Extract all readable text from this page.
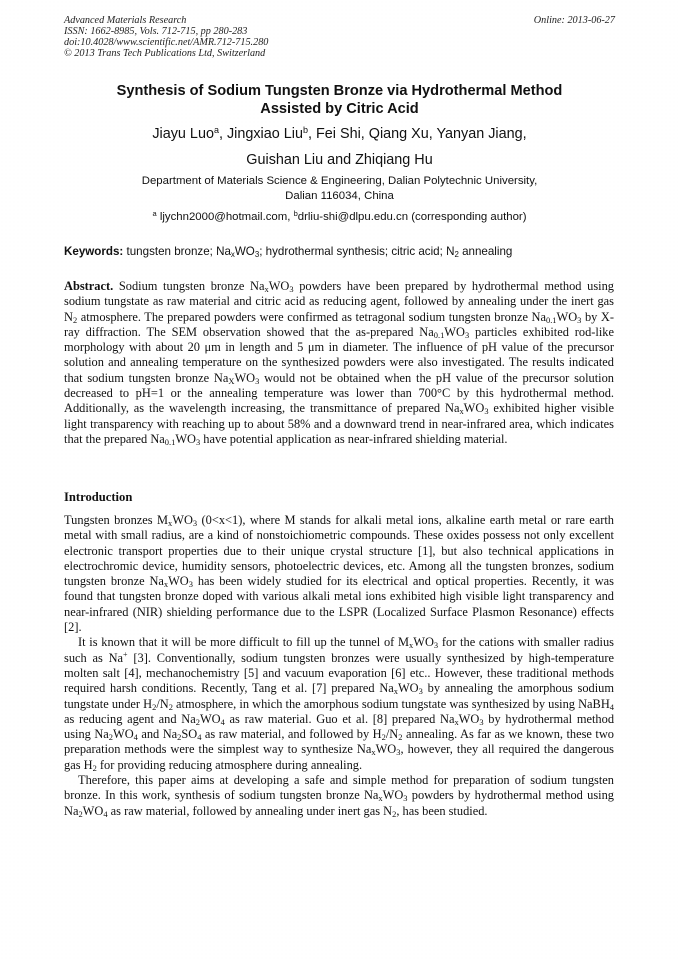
Advanced Materials Research
ISSN: 1662-8985, Vols. 712-715, pp 280-283
doi:10.4028/www.scientific.net/AMR.712-715.280
© 2013 Trans Tech Publications Ltd, Switzerland
Online: 2013-06-27
Synthesis of Sodium Tungsten Bronze via Hydrothermal Method
Assisted by Citric Acid
Jiayu Luo$^a$, Jingxiao Liu$^b$, Fei Shi, Qiang Xu, Yanyan Jiang,
Guishan Liu and Zhiqiang Hu
Department of Materials Science & Engineering, Dalian Polytechnic University,
Dalian 116034, China
$^a$ ljychn2000@hotmail.com, $^b$drliu-shi@dlpu.edu.cn (corresponding author)
Keywords: tungsten bronze; $Na_xWO_3$; hydrothermal synthesis; citric acid; $N_2$ annealing
Abstract. Sodium tungsten bronze $Na_xWO_3$ powders have been prepared by hydrothermal method using sodium tungstate as raw material and citric acid as reducing agent, followed by annealing under the inert gas $N_2$ atmosphere. The prepared powders were confirmed as tetragonal sodium tungsten bronze $Na_{0.1}WO_3$ by X-ray diffraction. The SEM observation showed that the as-prepared $Na_{0.1}WO_3$ particles exhibited rod-like morphology with about 20 μm in length and 5 μm in diameter. The influence of pH value of the precursor solution and annealing temperature on the synthesized powders were also investigated. The results indicated that sodium tungsten bronze $Na_XWO_3$ would not be obtained when the pH value of the precursor solution decreased to pH=1 or the annealing temperature was lower than 700°C by this hydrothermal method. Additionally, as the wavelength increasing, the transmittance of prepared $Na_xWO_3$ exhibited higher visible light transparency with reaching up to about 58% and a downward trend in near-infrared area, which indicates that the prepared $Na_{0.1}WO_3$ have potential application as near-infrared shielding material.
Introduction

Tungsten bronzes $M_xWO_3$ (0<x<1), where M stands for alkali metal ions, alkaline earth metal or rare earth metal with small radius, are a kind of nonstoichiometric compounds. These oxides possess not only excellent electronic transport properties due to their unique crystal structure [1], but also technical applications in electrochromic device, humidity sensors, photoelectric devices, etc. Among all the tungsten bronzes, sodium tungsten bronze $Na_xWO_3$ has been widely studied for its electrical and optical properties. Recently, it was found that tungsten bronze doped with various alkali metal ions exhibited high visible light transparency and near-infrared (NIR) shielding performance due to the LSPR (Localized Surface Plasmon Resonance) effects [2].

It is known that it will be more difficult to fill up the tunnel of $M_xWO_3$ for the cations with smaller radius such as Na+ [3]. Conventionally, sodium tungsten bronzes were usually synthesized by high-temperature molten salt [4], mechanochemistry [5] and vacuum evaporation [6] etc.. However, these traditional methods required harsh conditions. Recently, Tang et al. [7] prepared $Na_xWO_3$ by annealing the amorphous sodium tungstate under $H_2/N_2$ atmosphere, in which the amorphous sodium tungstate was synthesized by using NaBH$_4$ as reducing agent and $Na_2WO_4$ as raw material. Guo et al. [8] prepared $Na_xWO_3$ by hydrothermal method using $Na_2WO_4$ and $Na_2SO_4$ as raw material, and followed by $H_2/N_2$ annealing. As far as we known, these two preparation methods were the simplest way to synthesize $Na_xWO_3$, however, they all required the dangerous gas $H_2$ for providing reducing atmosphere during annealing.

Therefore, this paper aims at developing a safe and simple method for preparation of sodium tungsten bronze. In this work, synthesis of sodium tungsten bronze $Na_xWO_3$ powders by hydrothermal method using $Na_2WO_4$ as raw material, followed by annealing under inert gas $N_2$, has been studied.
